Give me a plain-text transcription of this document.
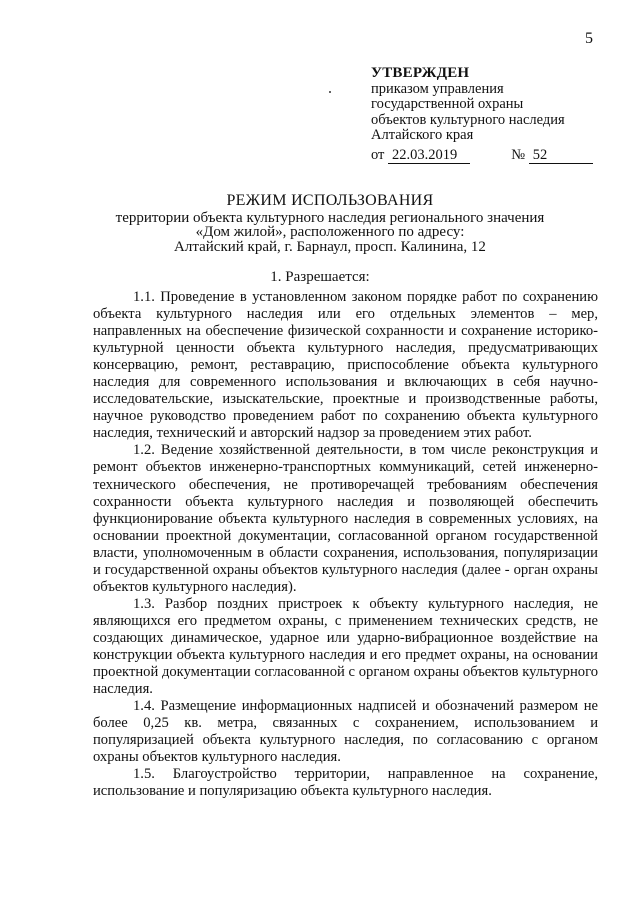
5
УТВЕРЖДЕН
приказом управления
государственной охраны
объектов культурного наследия
Алтайского края
от 22.03.2019	№ 52
РЕЖИМ ИСПОЛЬЗОВАНИЯ
территории объекта культурного наследия регионального значения
«Дом жилой», расположенного по адресу:
Алтайский край, г. Барнаул, просп. Калинина, 12
1. Разрешается:

1.1. Проведение в установленном законом порядке работ по сохранению объекта культурного наследия или его отдельных элементов – мер, направленных на обеспечение физической сохранности и сохранение историко-культурной ценности объекта культурного наследия, предусматривающих консервацию, ремонт, реставрацию, приспособление объекта культурного наследия для современного использования и включающих в себя научно-исследовательские, изыскательские, проектные и производственные работы, научное руководство проведением работ по сохранению объекта культурного наследия, технический и авторский надзор за проведением этих работ.

1.2. Ведение хозяйственной деятельности, в том числе реконструкция и ремонт объектов инженерно-транспортных коммуникаций, сетей инженерно-технического обеспечения, не противоречащей требованиям обеспечения сохранности объекта культурного наследия и позволяющей обеспечить функционирование объекта культурного наследия в современных условиях, на основании проектной документации, согласованной органом государственной власти, уполномоченным в области сохранения, использования, популяризации и государственной охраны объектов культурного наследия (далее - орган охраны объектов культурного наследия).

1.3. Разбор поздних пристроек к объекту культурного наследия, не являющихся его предметом охраны, с применением технических средств, не создающих динамическое, ударное или ударно-вибрационное воздействие на конструкции объекта культурного наследия и его предмет охраны, на основании проектной документации согласованной с органом охраны объектов культурного наследия.

1.4. Размещение информационных надписей и обозначений размером не более 0,25 кв. метра, связанных с сохранением, использованием и популяризацией объекта культурного наследия, по согласованию с органом охраны объектов культурного наследия.

1.5. Благоустройство территории, направленное на сохранение, использование и популяризацию объекта культурного наследия.
